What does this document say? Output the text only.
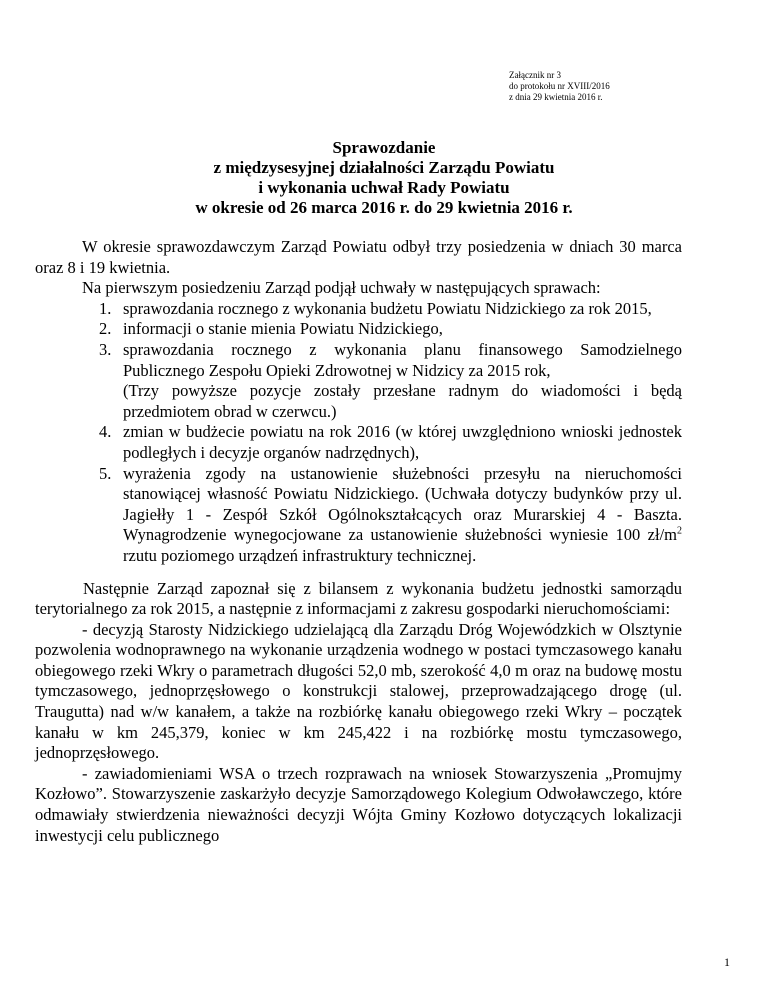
Załącznik nr 3
do protokołu nr XVIII/2016
z dnia 29 kwietnia 2016 r.
Sprawozdanie
z międzysesyjnej działalności Zarządu Powiatu
i wykonania uchwał Rady Powiatu
w okresie od 26 marca 2016 r. do 29 kwietnia 2016 r.

W okresie sprawozdawczym Zarząd Powiatu odbył trzy posiedzenia w dniach 30 marca oraz 8 i 19 kwietnia.

Na pierwszym posiedzeniu Zarząd podjął uchwały w następujących sprawach:

1. sprawozdania rocznego z wykonania budżetu Powiatu Nidzickiego za rok 2015,
2. informacji o stanie mienia Powiatu Nidzickiego,
3. sprawozdania rocznego z wykonania planu finansowego Samodzielnego Publicznego Zespołu Opieki Zdrowotnej w Nidzicy za 2015 rok,
(Trzy powyższe pozycje zostały przesłane radnym do wiadomości i będą przedmiotem obrad w czerwcu.)
4. zmian w budżecie powiatu na rok 2016 (w której uwzględniono wnioski jednostek podległych i decyzje organów nadrzędnych),
5. wyrażenia zgody na ustanowienie służebności przesyłu na nieruchomości stanowiącej własność Powiatu Nidzickiego. (Uchwała dotyczy budynków przy ul. Jagiełły 1 - Zespół Szkół Ogólnokształcących oraz Murarskiej 4 - Baszta. Wynagrodzenie wynegocjowane za ustanowienie służebności wyniesie 100 $zł/m^2$ rzutu poziomego urządzeń infrastruktury technicznej.

Następnie Zarząd zapoznał się z bilansem z wykonania budżetu jednostki samorządu terytorialnego za rok 2015, a następnie z informacjami z zakresu gospodarki nieruchomościami:

- decyzją Starosty Nidzickiego udzielającą dla Zarządu Dróg Wojewódzkich w Olsztynie pozwolenia wodnoprawnego na wykonanie urządzenia wodnego w postaci tymczasowego kanału obiegowego rzeki Wkry o parametrach długości 52,0 mb, szerokość 4,0 m oraz na budowę mostu tymczasowego, jednoprzęsłowego o konstrukcji stalowej, przeprowadzającego drogę (ul. Traugutta) nad w/w kanałem, a także na rozbiórkę kanału obiegowego rzeki Wkry – początek kanału w km 245,379, koniec w km 245,422 i na rozbiórkę mostu tymczasowego, jednoprzęsłowego.

- zawiadomieniami WSA o trzech rozprawach na wniosek Stowarzyszenia „Promujmy Kozłowo”. Stowarzyszenie zaskarżyło decyzje Samorządowego Kolegium Odwoławczego, które odmawiały stwierdzenia nieważności decyzji Wójta Gminy Kozłowo dotyczących lokalizacji inwestycji celu publicznego

1
